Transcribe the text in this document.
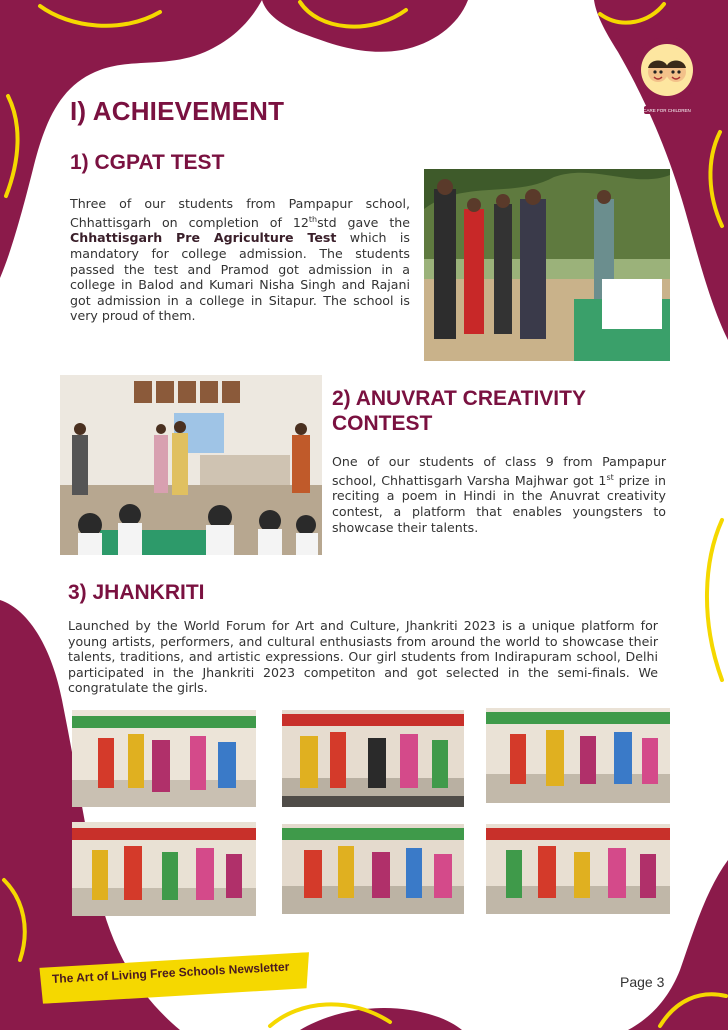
CARE FOR CHILDREN
I) ACHIEVEMENT
1) CGPAT TEST

Three of our students from Pampapur school, Chhattisgarh on completion of 12thstd gave the Chhattisgarh Pre Agriculture Test which is mandatory for college admission. The students passed the test and Pramod got admission in a college in Balod and Kumari Nisha Singh and Rajani got admission in a college in Sitapur. The school is very proud of them.

2) ANUVRAT CREATIVITY
CONTEST

One of our students of class 9 from Pampapur school, Chhattisgarh Varsha Majhwar got 1st prize in reciting a poem in Hindi in the Anuvrat creativity contest, a platform that enables youngsters to showcase their talents.

3) JHANKRITI

Launched by the World Forum for Art and Culture, Jhankriti 2023 is a unique platform for young artists, performers, and cultural enthusiasts from around the world to showcase their talents, traditions, and artistic expressions. Our girl students from Indirapuram school, Delhi participated in the Jhankriti 2023 competiton and got selected in the semi-finals. We congratulate the girls.

The Art of Living Free Schools Newsletter	Page 3
